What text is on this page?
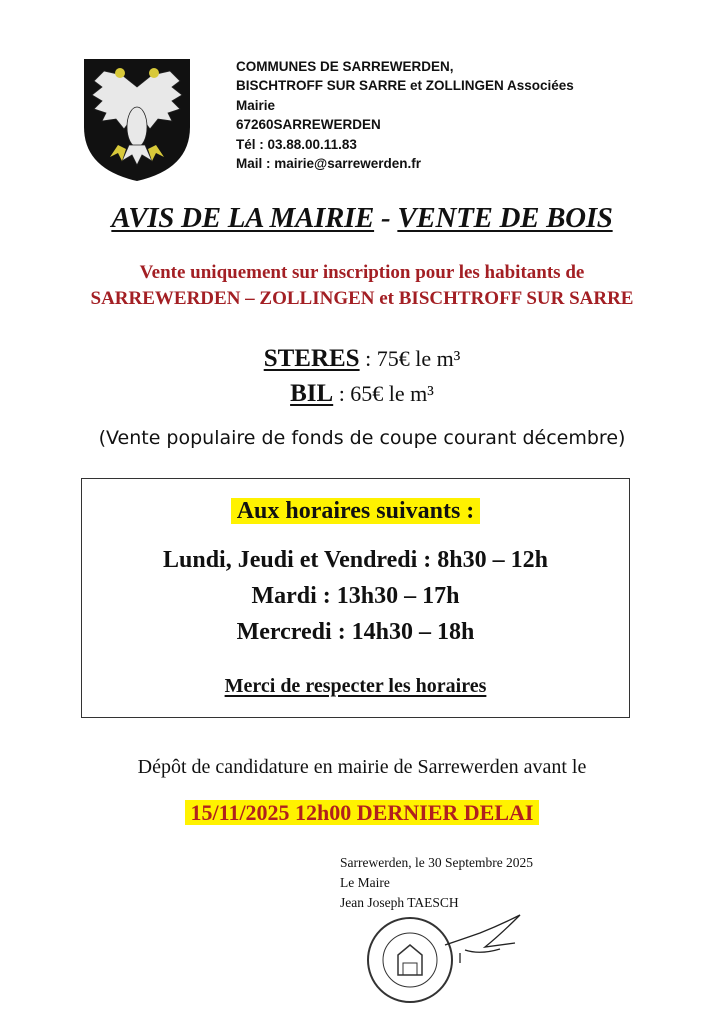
COMMUNES DE SARREWERDEN,
BISCHTROFF SUR SARRE et ZOLLINGEN Associées
Mairie
67260SARREWERDEN
Tél : 03.88.00.11.83
Mail : mairie@sarrewerden.fr
AVIS DE LA MAIRIE - VENTE DE BOIS
Vente uniquement sur inscription pour les habitants de
SARREWERDEN – ZOLLINGEN et BISCHTROFF SUR SARRE
STERES : 75€ le m³
BIL : 65€ le m³
(Vente populaire de fonds de coupe courant décembre)
Aux horaires suivants :
Lundi, Jeudi et Vendredi : 8h30 – 12h
Mardi : 13h30 – 17h
Mercredi : 14h30 – 18h
Merci de respecter les horaires
Dépôt de candidature en mairie de Sarrewerden avant le
15/11/2025 12h00 DERNIER DELAI
Sarrewerden, le 30 Septembre 2025
Le Maire
Jean Joseph TAESCH
